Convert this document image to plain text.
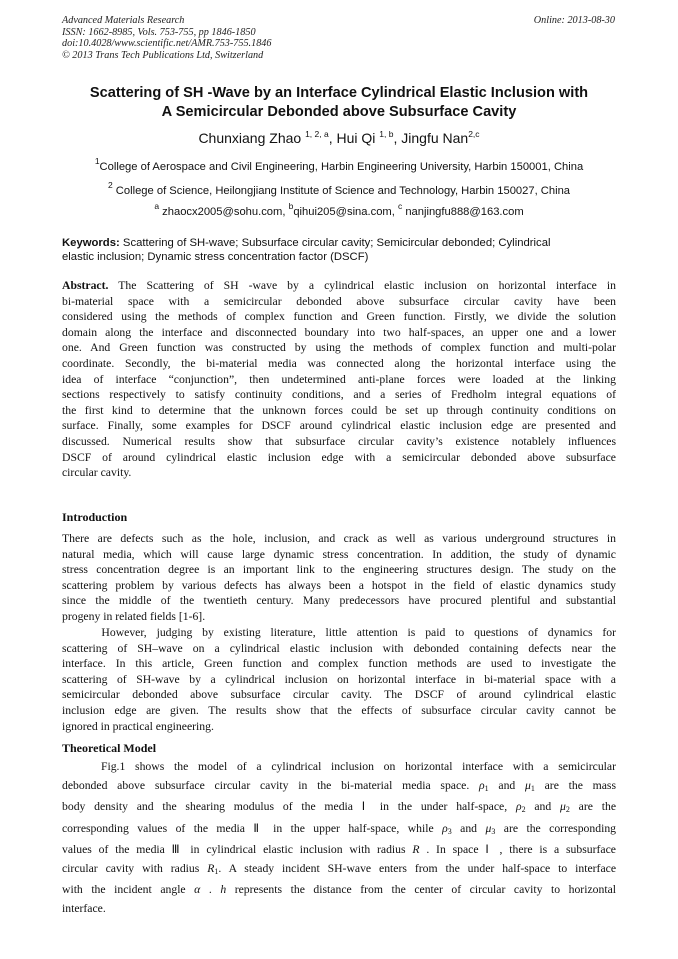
Advanced Materials Research
ISSN: 1662-8985, Vols. 753-755, pp 1846-1850
doi:10.4028/www.scientific.net/AMR.753-755.1846
© 2013 Trans Tech Publications Ltd, Switzerland
Online: 2013-08-30
Scattering of SH -Wave by an Interface Cylindrical Elastic Inclusion with
A Semicircular Debonded above Subsurface Cavity
Chunxiang Zhao $^{1, 2, a}$, Hui Qi $^{1, b}$, Jingfu Nan$^{2,c}$
$^1$College of Aerospace and Civil Engineering, Harbin Engineering University, Harbin 150001, China
$^2$ College of Science, Heilongjiang Institute of Science and Technology, Harbin 150027, China
$^a$ zhaocx2005@sohu.com, $^b$qihui205@sina.com, $^c$ nanjingfu888@163.com
Keywords: Scattering of SH-wave; Subsurface circular cavity; Semicircular debonded; Cylindrical
elastic inclusion; Dynamic stress concentration factor (DSCF)
Abstract. The Scattering of SH -wave by a cylindrical elastic inclusion on horizontal interface in
bi-material space with a semicircular debonded above subsurface circular cavity have been
considered using the methods of complex function and Green function. Firstly, we divide the solution
domain along the interface and disconnected boundary into two half-spaces, an upper one and a lower
one. And Green function was constructed by using the methods of complex function and multi-polar
coordinate. Secondly, the bi-material media was connected along the horizontal interface using the
idea of interface “conjunction”, then undetermined anti-plane forces were loaded at the linking
sections respectively to satisfy continuity conditions, and a series of Fredholm integral equations of
the first kind to determine that the unknown forces could be set up through continuity conditions on
surface. Finally, some examples for DSCF around cylindrical elastic inclusion edge are presented and
discussed. Numerical results show that subsurface circular cavity’s existence notablely influences
DSCF of around cylindrical elastic inclusion edge with a semicircular debonded above subsurface
circular cavity.
Introduction
There are defects such as the hole, inclusion, and crack as well as various underground structures in
natural media, which will cause large dynamic stress concentration. In addition, the study of dynamic
stress concentration degree is an important link to the engineering structures design. The study on the
scattering problem by various defects has always been a hotspot in the field of elastic dynamics study
since the middle of the twentieth century. Many predecessors have procured plentiful and substantial
progeny in related fields [1-6].
However, judging by existing literature, little attention is paid to questions of dynamics for
scattering of SH–wave on a cylindrical elastic inclusion with debonded containing defects near the
interface. In this article, Green function and complex function methods are used to investigate the
scattering of SH-wave by a cylindrical inclusion on horizontal interface in bi-material space with a
semicircular debonded above subsurface circular cavity. The DSCF of around cylindrical elastic
inclusion edge are given. The results show that the effects of subsurface circular cavity cannot be
ignored in practical engineering.
Theoretical Model
Fig.1 shows the model of a cylindrical inclusion on horizontal interface with a semicircular
debonded above subsurface circular cavity in the bi-material media space. $\rho_1$ and $\mu_1$ are the mass
body density and the shearing modulus of the media Ⅰ in the under half-space, $\rho_2$ and $\mu_2$ are the
corresponding values of the media Ⅱ in the upper half-space, while $\rho_3$ and $\mu_3$ are the corresponding
values of the media Ⅲ in cylindrical elastic inclusion with radius R . In space Ⅰ , there is a subsurface
circular cavity with radius $R_1$. A steady incident SH-wave enters from the under half-space to interface
with the incident angle α . h represents the distance from the center of circular cavity to horizontal
interface.
